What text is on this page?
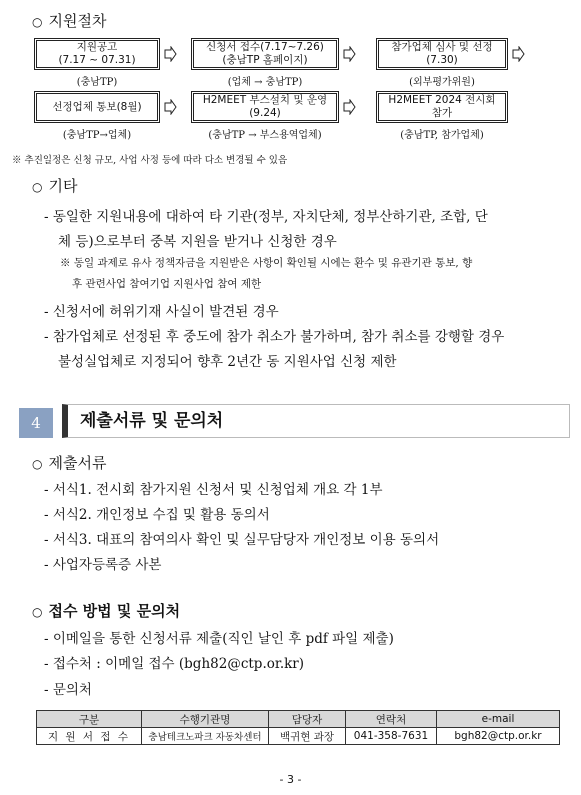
○ 지원절차
지원공고
(7.17 ~ 07.31)
신청서 접수(7.17~7.26)
(충남TP 홈페이지)
참가업체 심사 및 선정
(7.30)
(충남TP)	(업체 → 충남TP)	(외부평가위원)
선정업체 통보(8월)
H2MEET 부스설치 및 운영
(9.24)
H2MEET 2024 전시회
참가
(충남TP→업체)	(충남TP → 부스용역업체)	(충남TP, 참가업체)
※ 추진일정은 신청 규모, 사업 사정 등에 따라 다소 변경될 수 있음
○ 기타
- 동일한 지원내용에 대하여 타 기관(정부, 자치단체, 정부산하기관, 조합, 단
체 등)으로부터 중복 지원을 받거나 신청한 경우
※ 동일 과제로 유사 정책자금을 지원받은 사항이 확인될 시에는 환수 및 유관기관 통보, 향
후 관련사업 참여기업 지원사업 참여 제한
- 신청서에 허위기재 사실이 발견된 경우
- 참가업체로 선정된 후 중도에 참가 취소가 불가하며, 참가 취소를 강행할 경우
불성실업체로 지정되어 향후 2년간 동 지원사업 신청 제한
4	제출서류 및 문의처
○ 제출서류
- 서식1. 전시회 참가지원 신청서 및 신청업체 개요 각 1부
- 서식2. 개인정보 수집 및 활용 동의서
- 서식3. 대표의 참여의사 확인 및 실무담당자 개인정보 이용 동의서
- 사업자등록증 사본
○ 접수 방법 및 문의처
- 이메일을 통한 신청서류 제출(직인 날인 후 pdf 파일 제출)
- 접수처 : 이메일 접수 (bgh82@ctp.or.kr)
- 문의처
구분	수행기관명	담당자	연락처	e-mail
지 원 서 접 수	충남테크노파크 자동차센터	백귀현 과장	041-358-7631	bgh82@ctp.or.kr
- 3 -
